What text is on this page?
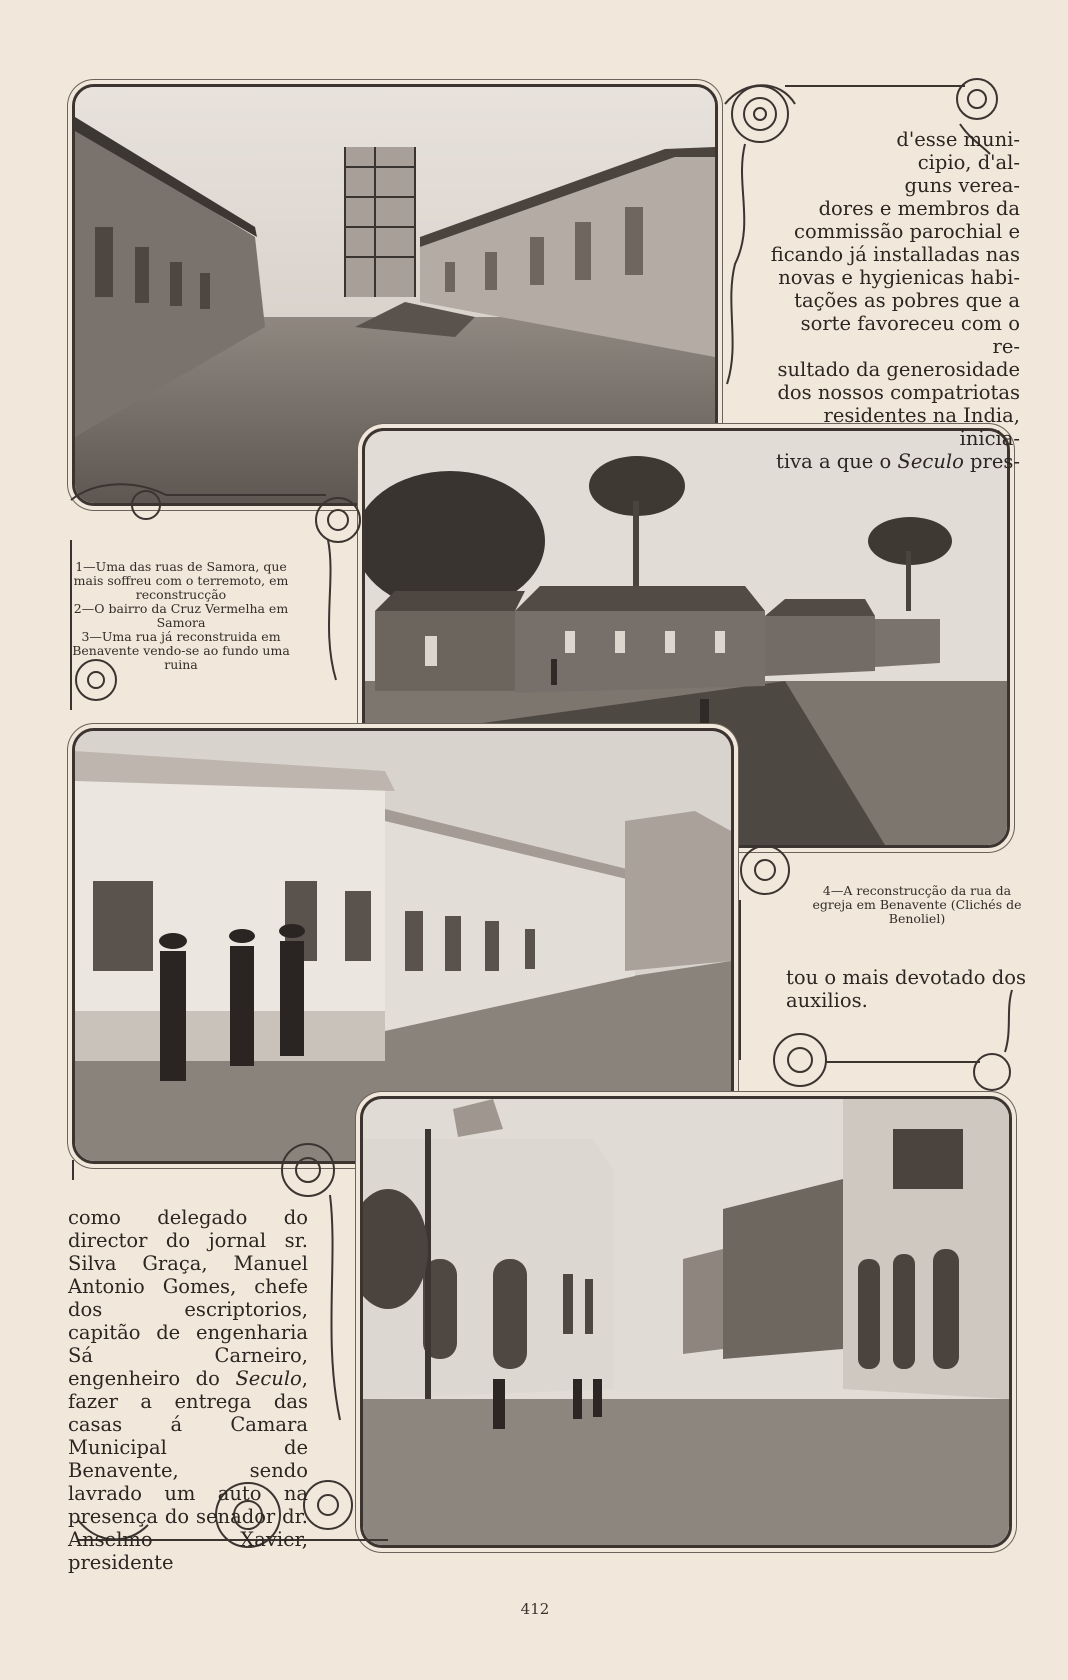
d'esse muni-
cipio, d'al-
guns verea-
dores e membros da
commissão parochial e
ficando já installadas nas
novas e hygienicas habi-
tações as pobres que a
sorte favoreceu com o re-
sultado da generosidade
dos nossos compatriotas
residentes na India, inicia-
tiva a que o Seculo pres-
1—Uma das ruas de Samora, que mais soffreu com o terremoto, em reconstrucção
2—O bairro da Cruz Vermelha em Samora
3—Uma rua já reconstruida em Benavente vendo-se ao fundo uma ruina
4—A reconstrucção da rua da egreja em Benavente (Clichés de Benoliel)
tou o mais devotado dos auxilios.
como delegado do director do jornal sr. Silva Graça, Manuel Antonio Gomes, chefe dos escriptorios, capitão de engenharia Sá Carneiro, engenheiro do Seculo, fazer a entrega das casas á Camara Municipal de Benavente, sendo lavrado um auto na presença do senador dr. Anselmo Xavier, presidente
412
